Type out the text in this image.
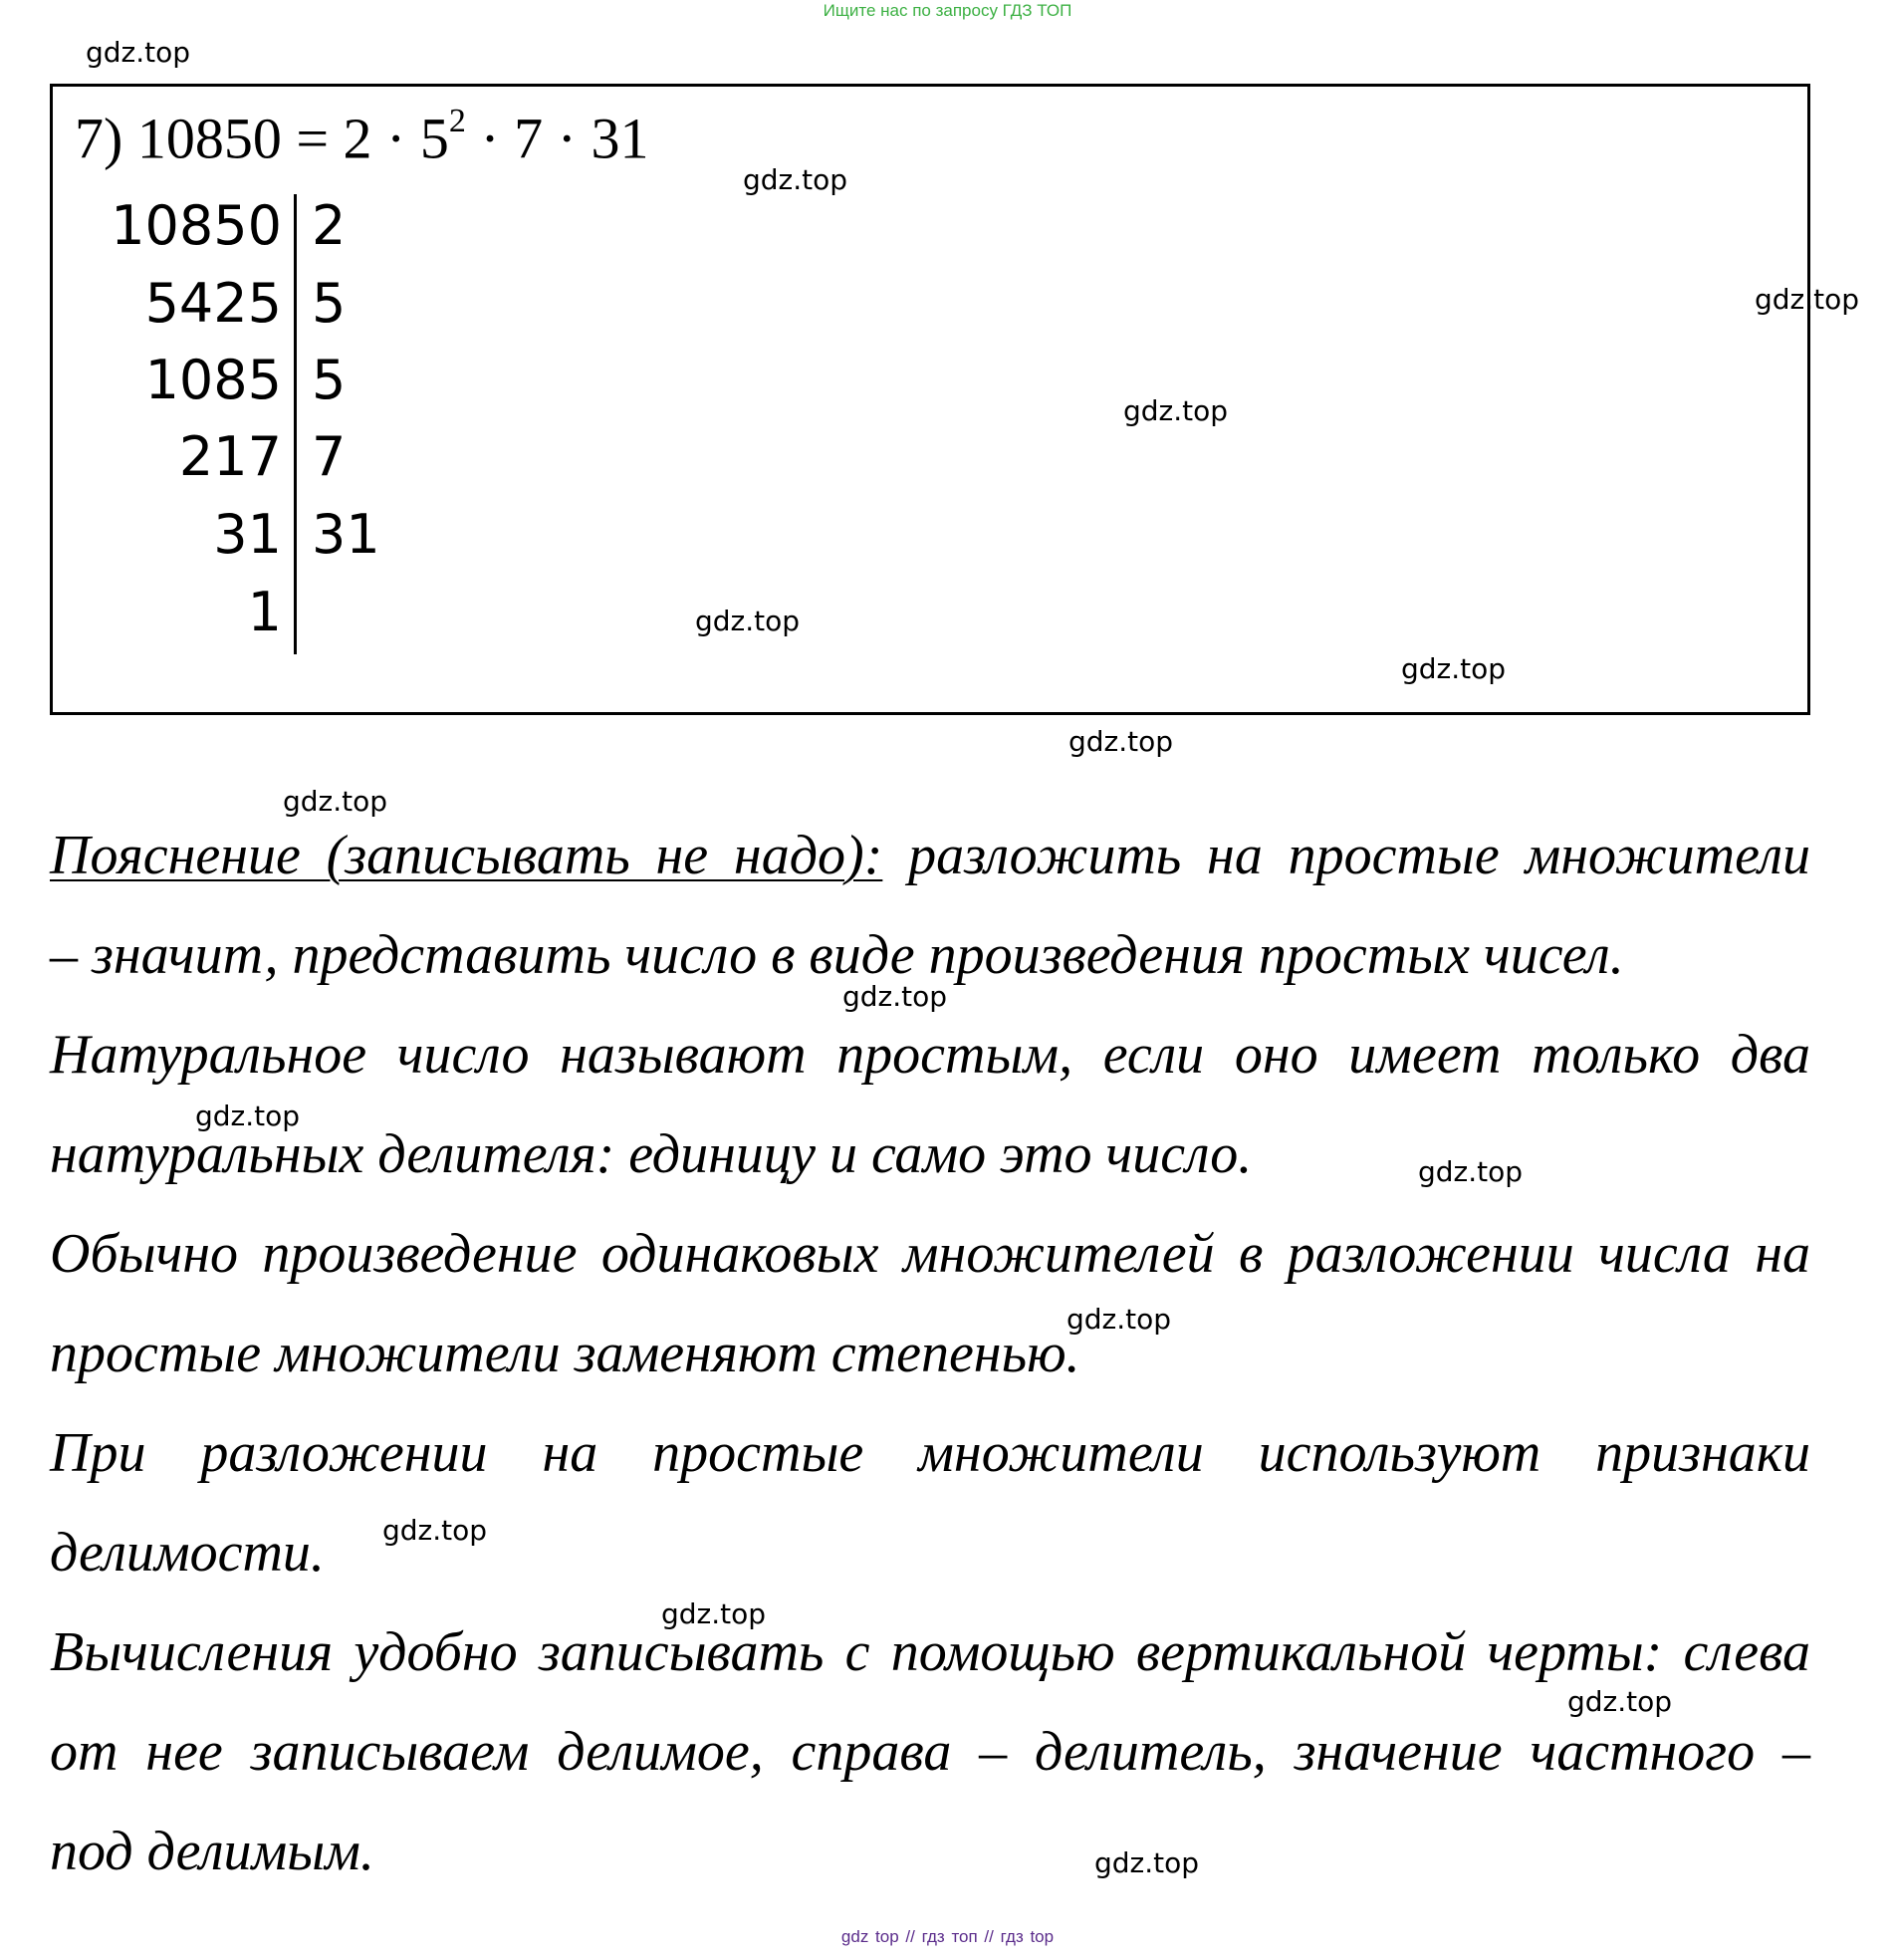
Ищите нас по запросу ГДЗ ТОП
gdz.top
7) $10850 = 2 \cdot 5^2 \cdot 7 \cdot 31$
10850 2
5425 5
1085 5
217 7
31 31
1
gdz.top
gdz.top
gdz.top
gdz.top
gdz.top
gdz.top
gdz.top
Пояснение (записывать не надо): разложить на простые множители
– значит, представить число в виде произведения простых чисел.
gdz.top
Натуральное число называют простым, если оно имеет только два
gdz.top
натуральных делителя: единицу и само это число.	gdz.top
Обычно произведение одинаковых множителей в разложении числа на
gdz.top
простые множители заменяют степенью.
При разложении на простые множители используют признаки
делимости.	gdz.top
gdz.top
Вычисления удобно записывать с помощью вертикальной черты: слева
gdz.top
от нее записываем делимое, справа – делитель, значение частного –
под делимым.	gdz.top
gdz top // гдз топ // гдз top
